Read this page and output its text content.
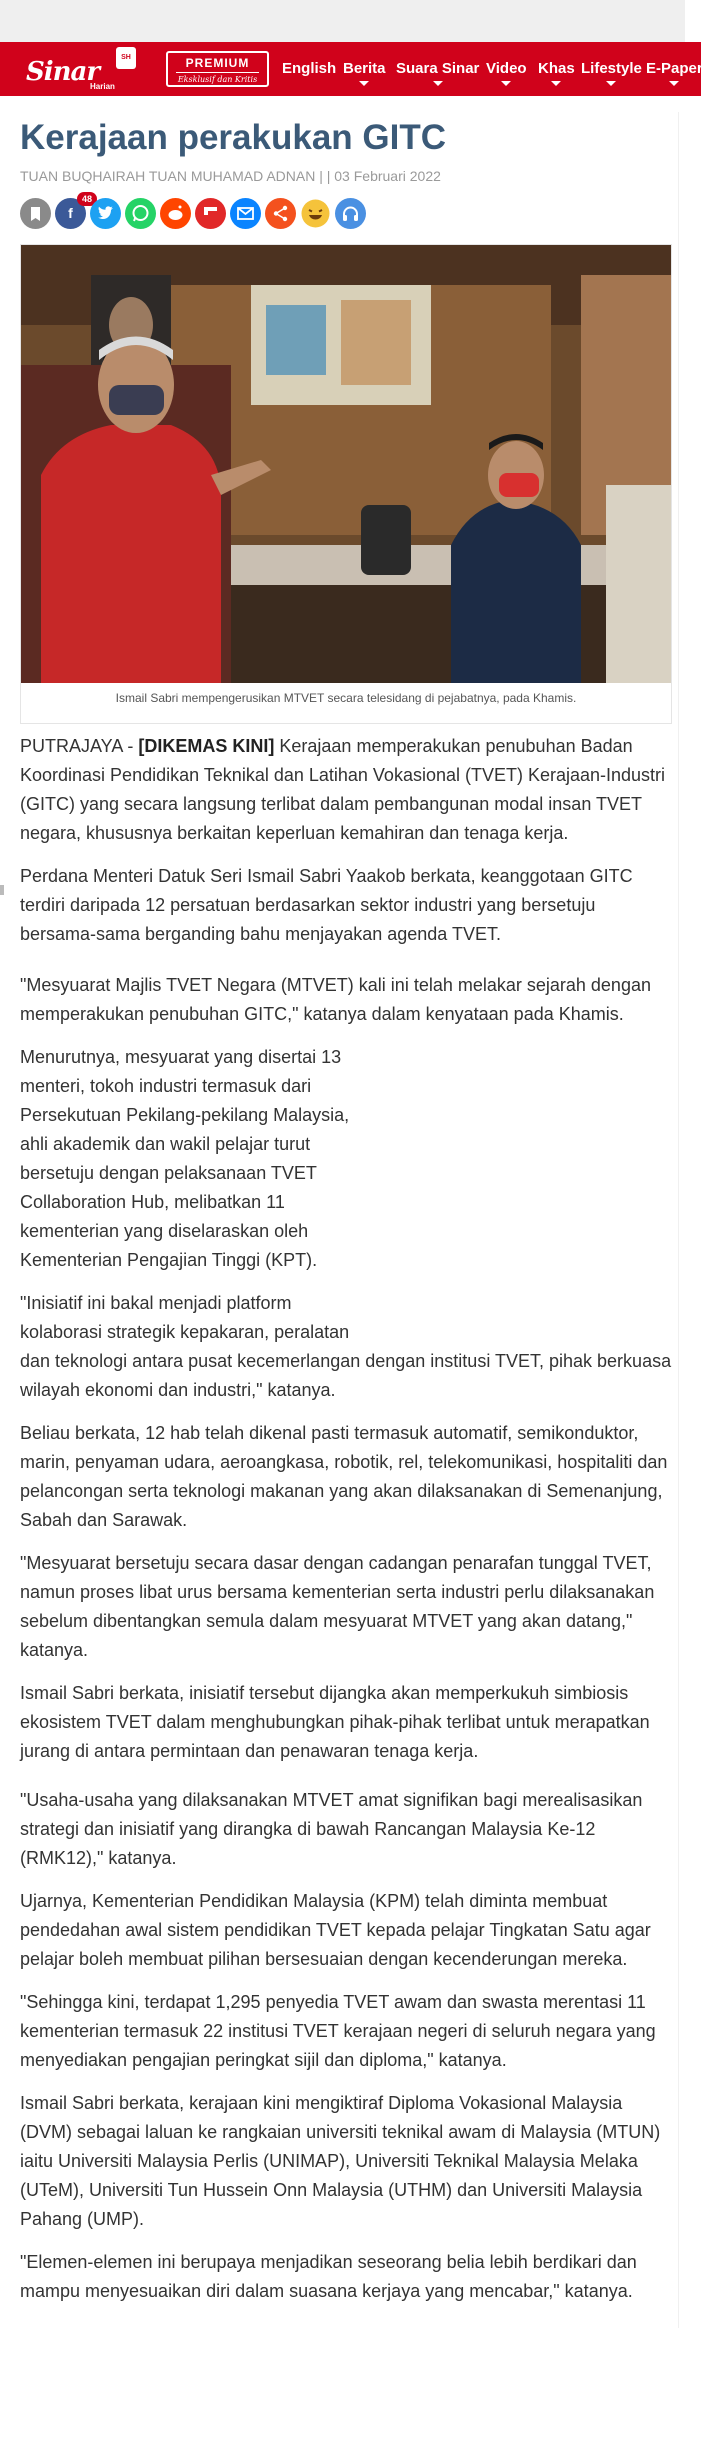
Sinar
Harian
SH	PREMIUM
Eksklusif dan Kritis
English Berita Suara Sinar Video Khas Lifestyle E-Paper
Kerajaan perakukan GITC
TUAN BUQHAIRAH TUAN MUHAMAD ADNAN | | 03 Februari 2022
f
48
Ismail Sabri mempengerusikan MTVET secara telesidang di pejabatnya, pada Khamis.

PUTRAJAYA - [DIKEMAS KINI] Kerajaan memperakukan penubuhan Badan Koordinasi Pendidikan Teknikal dan Latihan Vokasional (TVET) Kerajaan-Industri (GITC) yang secara langsung terlibat dalam pembangunan modal insan TVET negara, khususnya berkaitan keperluan kemahiran dan tenaga kerja.

Perdana Menteri Datuk Seri Ismail Sabri Yaakob berkata, keanggotaan GITC terdiri daripada 12 persatuan berdasarkan sektor industri yang bersetuju bersama-sama berganding bahu menjayakan agenda TVET.

"Mesyuarat Majlis TVET Negara (MTVET) kali ini telah melakar sejarah dengan memperakukan penubuhan GITC," katanya dalam kenyataan pada Khamis.

Menurutnya, mesyuarat yang disertai 13 menteri, tokoh industri termasuk dari Persekutuan Pekilang-pekilang Malaysia, ahli akademik dan wakil pelajar turut bersetuju dengan pelaksanaan TVET Collaboration Hub, melibatkan 11 kementerian yang diselaraskan oleh Kementerian Pengajian Tinggi (KPT).

"Inisiatif ini bakal menjadi platform
kolaborasi strategik kepakaran, peralatan
dan teknologi antara pusat kecemerlangan dengan institusi TVET, pihak berkuasa wilayah ekonomi dan industri," katanya.

Beliau berkata, 12 hab telah dikenal pasti termasuk automatif, semikonduktor, marin, penyaman udara, aeroangkasa, robotik, rel, telekomunikasi, hospitaliti dan pelancongan serta teknologi makanan yang akan dilaksanakan di Semenanjung, Sabah dan Sarawak.

"Mesyuarat bersetuju secara dasar dengan cadangan penarafan tunggal TVET, namun proses libat urus bersama kementerian serta industri perlu dilaksanakan sebelum dibentangkan semula dalam mesyuarat MTVET yang akan datang," katanya.

Ismail Sabri berkata, inisiatif tersebut dijangka akan memperkukuh simbiosis ekosistem TVET dalam menghubungkan pihak-pihak terlibat untuk merapatkan jurang di antara permintaan dan penawaran tenaga kerja.

"Usaha-usaha yang dilaksanakan MTVET amat signifikan bagi merealisasikan strategi dan inisiatif yang dirangka di bawah Rancangan Malaysia Ke-12 (RMK12)," katanya.

Ujarnya, Kementerian Pendidikan Malaysia (KPM) telah diminta membuat pendedahan awal sistem pendidikan TVET kepada pelajar Tingkatan Satu agar pelajar boleh membuat pilihan bersesuaian dengan kecenderungan mereka.

"Sehingga kini, terdapat 1,295 penyedia TVET awam dan swasta merentasi 11 kementerian termasuk 22 institusi TVET kerajaan negeri di seluruh negara yang menyediakan pengajian peringkat sijil dan diploma," katanya.

Ismail Sabri berkata, kerajaan kini mengiktiraf Diploma Vokasional Malaysia (DVM) sebagai laluan ke rangkaian universiti teknikal awam di Malaysia (MTUN) iaitu Universiti Malaysia Perlis (UNIMAP), Universiti Teknikal Malaysia Melaka (UTeM), Universiti Tun Hussein Onn Malaysia (UTHM) dan Universiti Malaysia Pahang (UMP).

"Elemen-elemen ini berupaya menjadikan seseorang belia lebih berdikari dan mampu menyesuaikan diri dalam suasana kerjaya yang mencabar," katanya.
